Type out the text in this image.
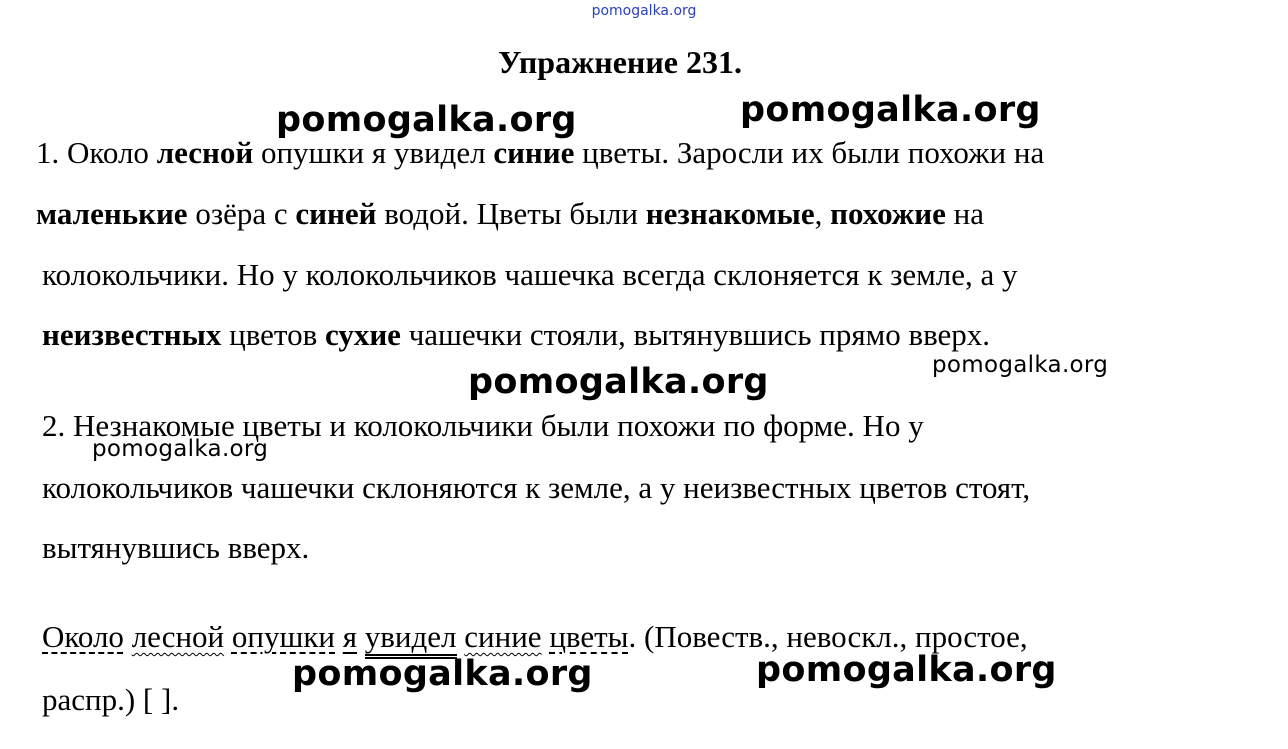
pomogalka.org
Упражнение 231.
1. Около лесной опушки я увидел синие цветы. Заросли их были похожи на
маленькие озёра с синей водой. Цветы были незнакомые, похожие на
колокольчики. Но у колокольчиков чашечка всегда склоняется к земле, а у
неизвестных цветов сухие чашечки стояли, вытянувшись прямо вверх.
2. Незнакомые цветы и колокольчики были похожи по форме. Но у
колокольчиков чашечки склоняются к земле, а у неизвестных цветов стоят,
вытянувшись вверх.
Около лесной опушки я увидел синие цветы. (Повеств., невоскл., простое,
распр.) [ ].
pomogalka.org	pomogalka.org
pomogalka.org
pomogalka.org
pomogalka.org
pomogalka.org	pomogalka.org
